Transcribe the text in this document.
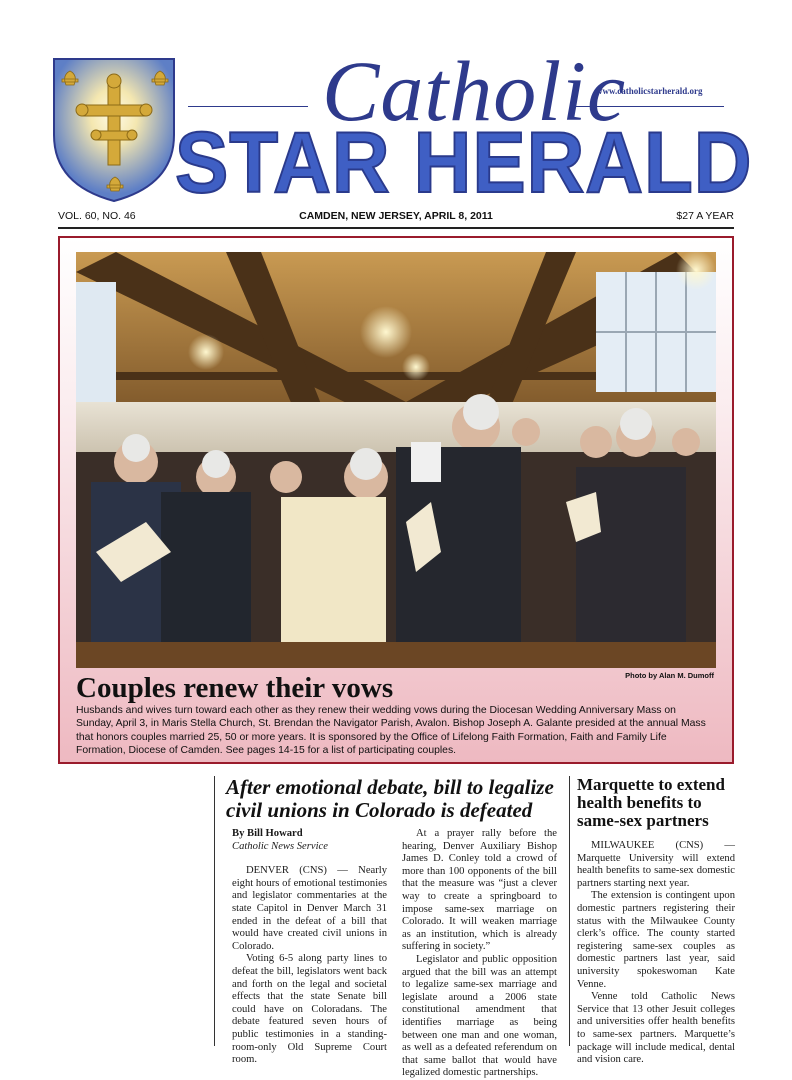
Catholic
www.catholicstarherald.org
STAR HERALD
VOL. 60, NO. 46	CAMDEN, NEW JERSEY, APRIL 8, 2011	$27 A YEAR
Photo by Alan M. Dumoff
Couples renew their vows

Husbands and wives turn toward each other as they renew their wedding vows during the Diocesan Wedding Anniversary Mass on Sunday, April 3, in Maris Stella Church, St. Brendan the Navigator Parish, Avalon. Bishop Joseph A. Galante presided at the annual Mass that honors couples married 25, 50 or more years. It is sponsored by the Office of Lifelong Faith Formation, Faith and Family Life Formation, Diocese of Camden. See pages 14-15 for a list of participating couples.

After emotional debate, bill to legalize civil unions in Colorado is defeated

By Bill Howard

Catholic News Service

DENVER (CNS) — Nearly eight hours of emotional testimonies and legislator commentaries at the state Capitol in Denver March 31 ended in the defeat of a bill that would have created civil unions in Colorado.

Voting 6-5 along party lines to defeat the bill, legislators went back and forth on the legal and societal effects that the state Senate bill could have on Coloradans. The debate featured seven hours of public testimonies in a standing-room-only Old Supreme Court room.

At a prayer rally before the hearing, Denver Auxiliary Bishop James D. Conley told a crowd of more than 100 opponents of the bill that the measure was “just a clever way to create a springboard to impose same-sex marriage on Colorado. It will weaken marriage as an institution, which is already suffering in society.”

Legislator and public opposition argued that the bill was an attempt to legalize same-sex marriage and legislate around a 2006 state constitutional amendment that identifies marriage as being between one man and one woman, as well as a defeated referendum on that same ballot that would have legalized domestic partnerships.

Marquette to extend health benefits to same-sex partners

MILWAUKEE (CNS) — Marquette University will extend health benefits to same-sex domestic partners starting next year.

The extension is contingent upon domestic partners registering their status with the Milwaukee County clerk’s office. The county started registering same-sex couples as domestic partners last year, said university spokeswoman Kate Venne.

Venne told Catholic News Service that 13 other Jesuit colleges and universities offer health benefits to same-sex partners. Marquette’s package will include medical, dental and vision care.
